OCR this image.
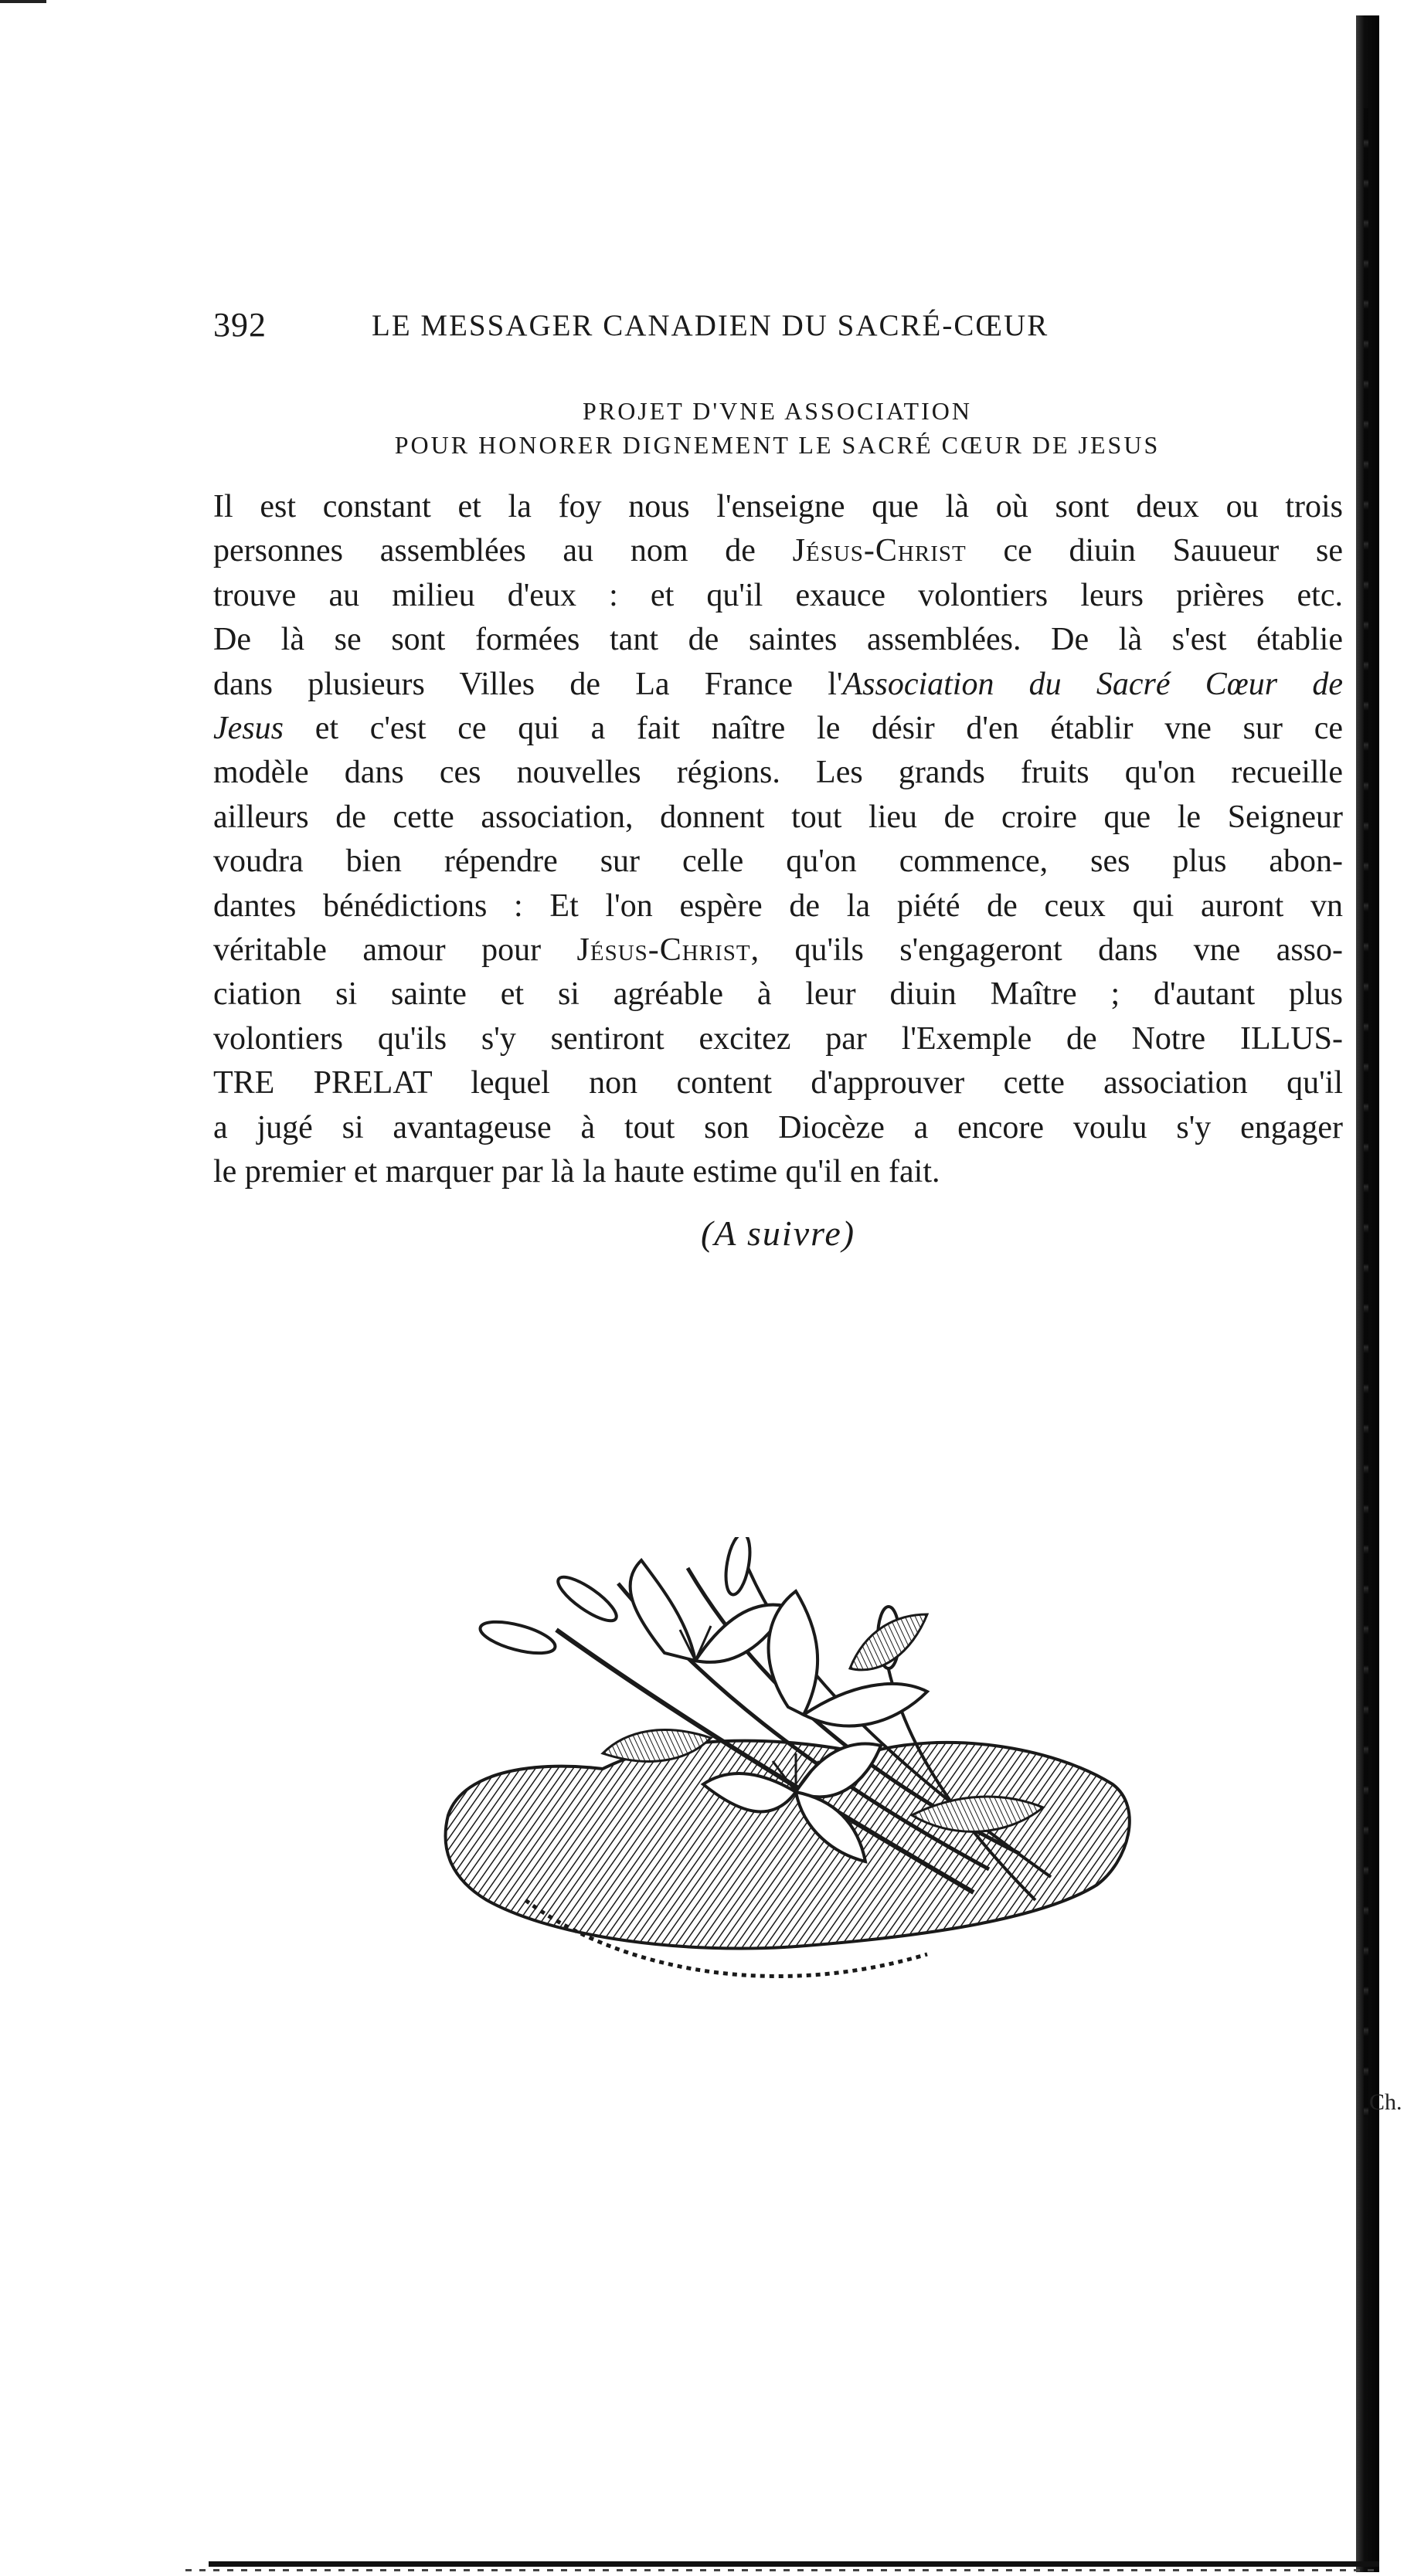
Ch.
392	LE MESSAGER CANADIEN DU SACRÉ-CŒUR
PROJET D'VNE ASSOCIATION
POUR HONORER DIGNEMENT LE SACRÉ CŒUR DE JESUS
Il est constant et la foy nous l'enseigne que là où sont deux ou trois
personnes assemblées au nom de Jésus-Christ ce diuin Sauueur se
trouve au milieu d'eux : et qu'il exauce volontiers leurs prières etc.
De là se sont formées tant de saintes assemblées. De là s'est établie
dans plusieurs Villes de La France l'Association du Sacré Cœur de
Jesus et c'est ce qui a fait naître le désir d'en établir vne sur ce
modèle dans ces nouvelles régions. Les grands fruits qu'on recueille
ailleurs de cette association, donnent tout lieu de croire que le Seigneur
voudra bien répendre sur celle qu'on commence, ses plus abon-
dantes bénédictions : Et l'on espère de la piété de ceux qui auront vn
véritable amour pour Jésus-Christ, qu'ils s'engageront dans vne asso-
ciation si sainte et si agréable à leur diuin Maître ; d'autant plus
volontiers qu'ils s'y sentiront excitez par l'Exemple de Notre ILLUS-
TRE PRELAT lequel non content d'approuver cette association qu'il
a jugé si avantageuse à tout son Diocèze a encore voulu s'y engager
le premier et marquer par là la haute estime qu'il en fait.
(A suivre)
